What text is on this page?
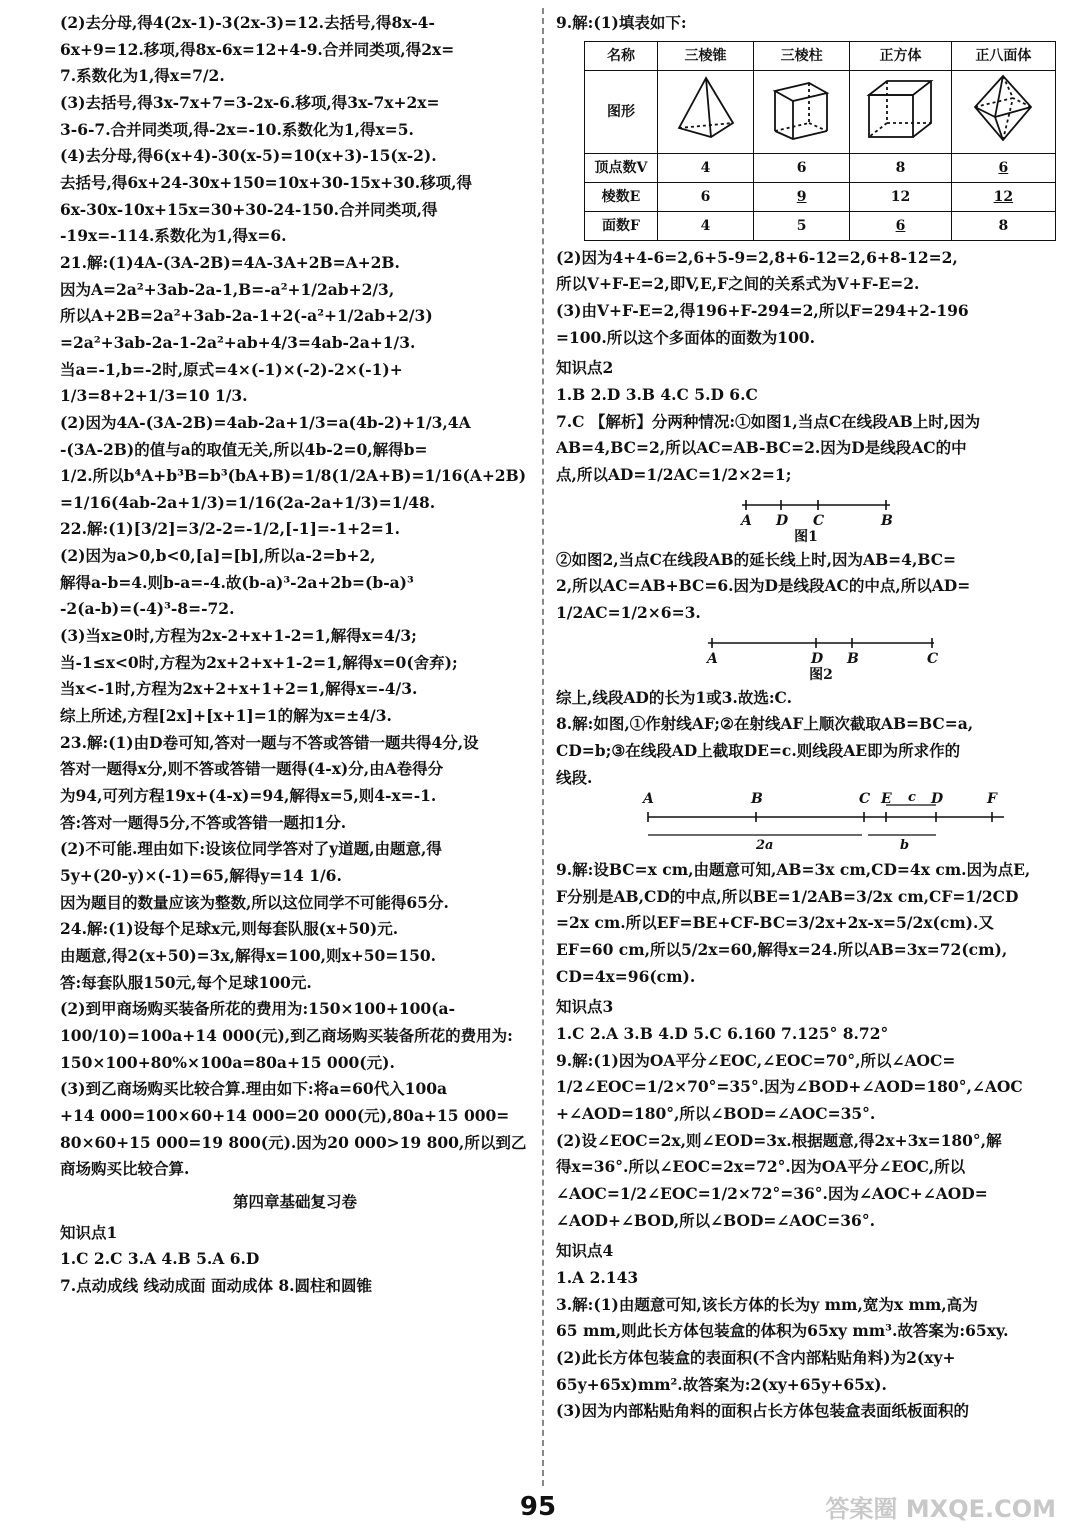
(2)去分母,得4(2x-1)-3(2x-3)=12.去括号,得8x-4-
6x+9=12.移项,得8x-6x=12+4-9.合并同类项,得2x=
7.系数化为1,得x=7/2.
(3)去括号,得3x-7x+7=3-2x-6.移项,得3x-7x+2x=
3-6-7.合并同类项,得-2x=-10.系数化为1,得x=5.
(4)去分母,得6(x+4)-30(x-5)=10(x+3)-15(x-2).
去括号,得6x+24-30x+150=10x+30-15x+30.移项,得
6x-30x-10x+15x=30+30-24-150.合并同类项,得
-19x=-114.系数化为1,得x=6.
21.解:(1)4A-(3A-2B)=4A-3A+2B=A+2B.
因为A=2a²+3ab-2a-1,B=-a²+1/2ab+2/3,
所以A+2B=2a²+3ab-2a-1+2(-a²+1/2ab+2/3)
=2a²+3ab-2a-1-2a²+ab+4/3=4ab-2a+1/3.
当a=-1,b=-2时,原式=4×(-1)×(-2)-2×(-1)+
1/3=8+2+1/3=10 1/3.
(2)因为4A-(3A-2B)=4ab-2a+1/3=a(4b-2)+1/3,4A
-(3A-2B)的值与a的取值无关,所以4b-2=0,解得b=
1/2.所以b⁴A+b³B=b³(bA+B)=1/8(1/2A+B)=1/16(A+2B)
=1/16(4ab-2a+1/3)=1/16(2a-2a+1/3)=1/48.
22.解:(1)[3/2]=3/2-2=-1/2,[-1]=-1+2=1.
(2)因为a>0,b<0,[a]=[b],所以a-2=b+2,
解得a-b=4.则b-a=-4.故(b-a)³-2a+2b=(b-a)³
-2(a-b)=(-4)³-8=-72.
(3)当x≥0时,方程为2x-2+x+1-2=1,解得x=4/3;
当-1≤x<0时,方程为2x+2+x+1-2=1,解得x=0(舍弃);
当x<-1时,方程为2x+2+x+1+2=1,解得x=-4/3.
综上所述,方程[2x]+[x+1]=1的解为x=±4/3.
23.解:(1)由D卷可知,答对一题与不答或答错一题共得4分,设
答对一题得x分,则不答或答错一题得(4-x)分,由A卷得分
为94,可列方程19x+(4-x)=94,解得x=5,则4-x=-1.
答:答对一题得5分,不答或答错一题扣1分.
(2)不可能.理由如下:设该位同学答对了y道题,由题意,得
5y+(20-y)×(-1)=65,解得y=14 1/6.
因为题目的数量应该为整数,所以这位同学不可能得65分.
24.解:(1)设每个足球x元,则每套队服(x+50)元.
由题意,得2(x+50)=3x,解得x=100,则x+50=150.
答:每套队服150元,每个足球100元.
(2)到甲商场购买装备所花的费用为:150×100+100(a-
100/10)=100a+14 000(元),到乙商场购买装备所花的费用为:
150×100+80%×100a=80a+15 000(元).
(3)到乙商场购买比较合算.理由如下:将a=60代入100a
+14 000=100×60+14 000=20 000(元),80a+15 000=
80×60+15 000=19 800(元).因为20 000>19 800,所以到乙
商场购买比较合算.
第四章基础复习卷
知识点1
1.C 2.C 3.A 4.B 5.A 6.D
7.点动成线 线动成面 面动成体 8.圆柱和圆锥
9.解:(1)填表如下:
名称	三棱锥	三棱柱	正方体	正八面体
图形				
顶点数V	4	6	8	6
棱数E	6	9	12	12
面数F	4	5	6	8
(2)因为4+4-6=2,6+5-9=2,8+6-12=2,6+8-12=2,
所以V+F-E=2,即V,E,F之间的关系式为V+F-E=2.
(3)由V+F-E=2,得196+F-294=2,所以F=294+2-196
=100.所以这个多面体的面数为100.
知识点2
1.B 2.D 3.B 4.C 5.D 6.C
7.C 【解析】分两种情况:①如图1,当点C在线段AB上时,因为
AB=4,BC=2,所以AC=AB-BC=2.因为D是线段AC的中
点,所以AD=1/2AC=1/2×2=1;
A D C	B
图1
②如图2,当点C在线段AB的延长线上时,因为AB=4,BC=
2,所以AC=AB+BC=6.因为D是线段AC的中点,所以AD=
1/2AC=1/2×6=3.
A	D B	C
图2
综上,线段AD的长为1或3.故选:C.
8.解:如图,①作射线AF;②在射线AF上顺次截取AB=BC=a,
CD=b;③在线段AD上截取DE=c.则线段AE即为所求作的
线段.
A	B	C E	D	F
c
2a	b
9.解:设BC=x cm,由题意可知,AB=3x cm,CD=4x cm.因为点E,
F分别是AB,CD的中点,所以BE=1/2AB=3/2x cm,CF=1/2CD
=2x cm.所以EF=BE+CF-BC=3/2x+2x-x=5/2x(cm).又
EF=60 cm,所以5/2x=60,解得x=24.所以AB=3x=72(cm),
CD=4x=96(cm).
知识点3
1.C 2.A 3.B 4.D 5.C 6.160 7.125° 8.72°
9.解:(1)因为OA平分∠EOC,∠EOC=70°,所以∠AOC=
1/2∠EOC=1/2×70°=35°.因为∠BOD+∠AOD=180°,∠AOC
+∠AOD=180°,所以∠BOD=∠AOC=35°.
(2)设∠EOC=2x,则∠EOD=3x.根据题意,得2x+3x=180°,解
得x=36°.所以∠EOC=2x=72°.因为OA平分∠EOC,所以
∠AOC=1/2∠EOC=1/2×72°=36°.因为∠AOC+∠AOD=
∠AOD+∠BOD,所以∠BOD=∠AOC=36°.
知识点4
1.A 2.143
3.解:(1)由题意可知,该长方体的长为y mm,宽为x mm,高为
65 mm,则此长方体包装盒的体积为65xy mm³.故答案为:65xy.
(2)此长方体包装盒的表面积(不含内部粘贴角料)为2(xy+
65y+65x)mm².故答案为:2(xy+65y+65x).
(3)因为内部粘贴角料的面积占长方体包装盒表面纸板面积的
95	答案圈 MXQE.COM
